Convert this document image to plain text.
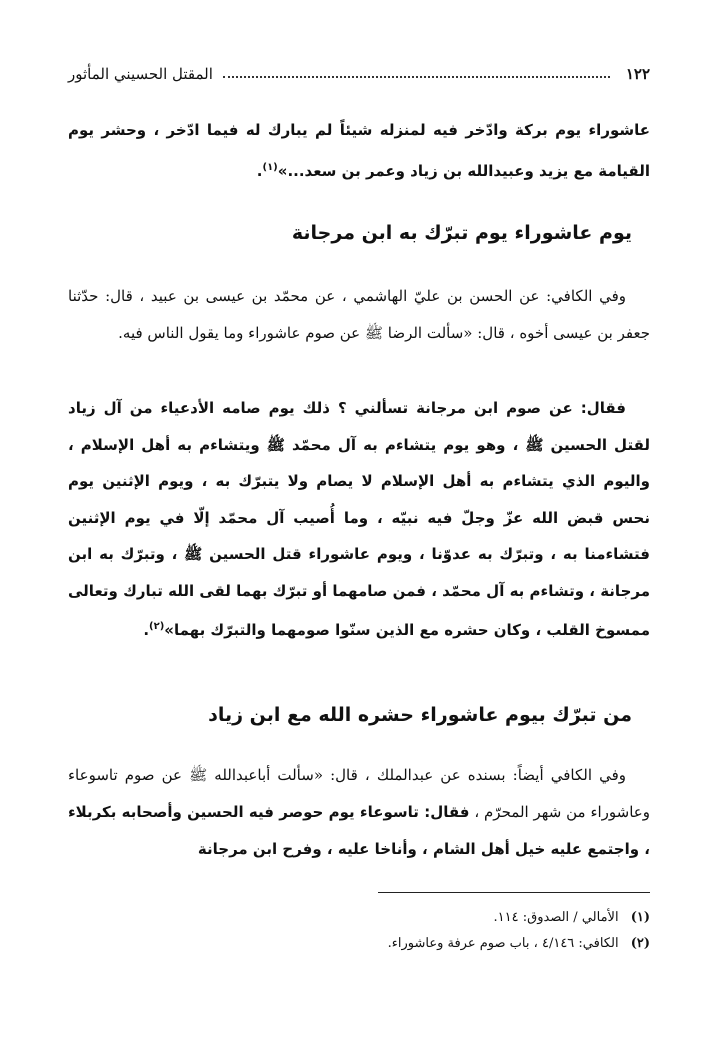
١٢٢
المقتل الحسيني المأثور

عاشوراء يوم بركة وادّخر فيه لمنزله شيئاً لم يبارك له فيما ادّخر ، وحشر يوم القيامة مع يزيد وعبيدالله بن زياد وعمر بن سعد...»$^{(١)}$.

يوم عاشوراء يوم تبرّك به ابن مرجانة

وفي الكافي: عن الحسن بن عليّ الهاشمي ، عن محمّد بن عيسى بن عبيد ، قال: حدّثنا جعفر بن عيسى أخوه ، قال: «سألت الرضا ﷺ عن صوم عاشوراء وما يقول الناس فيه.

فقال: عن صوم ابن مرجانة تسألني ؟ ذلك يوم صامه الأدعياء من آل زياد لقتل الحسين ﷺ ، وهو يوم يتشاءم به آل محمّد ﷺ ويتشاءم به أهل الإسلام ، واليوم الذي يتشاءم به أهل الإسلام لا يصام ولا يتبرّك به ، ويوم الإثنين يوم نحس قبض الله عزّ وجلّ فيه نبيّه ، وما أُصيب آل محمّد إلّا في يوم الإثنين فتشاءمنا به ، وتبرّك به عدوّنا ، ويوم عاشوراء قتل الحسين ﷺ ، وتبرّك به ابن مرجانة ، وتشاءم به آل محمّد ، فمن صامهما أو تبرّك بهما لقى الله تبارك وتعالى ممسوخ القلب ، وكان حشره مع الذين سنّوا صومهما والتبرّك بهما»$^{(٢)}$.

من تبرّك بيوم عاشوراء حشره الله مع ابن زياد

وفي الكافي أيضاً: بسنده عن عبدالملك ، قال: «سألت أباعبدالله ﷺ عن صوم تاسوعاء وعاشوراء من شهر المحرّم ، فقال: تاسوعاء يوم حوصر فيه الحسين وأصحابه بكربلاء ، واجتمع عليه خيل أهل الشام ، وأناخا عليه ، وفرح ابن مرجانة

(١) الأمالي / الصدوق: ١١٤.
(٢) الكافي: ٤/١٤٦ ، باب صوم عرفة وعاشوراء.
